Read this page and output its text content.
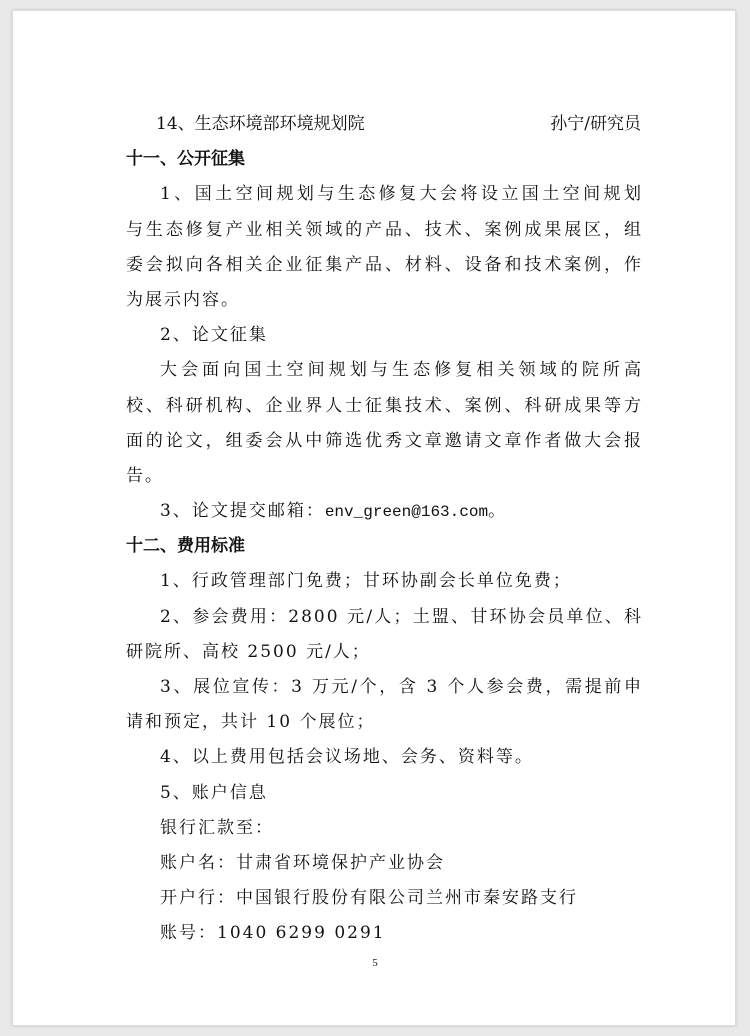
14、生态环境部环境规划院	孙宁/研究员
十一、公开征集
1、国土空间规划与生态修复大会将设立国土空间规划
与生态修复产业相关领域的产品、技术、案例成果展区，组
委会拟向各相关企业征集产品、材料、设备和技术案例，作
为展示内容。
2、论文征集
大会面向国土空间规划与生态修复相关领域的院所高
校、科研机构、企业界人士征集技术、案例、科研成果等方
面的论文，组委会从中筛选优秀文章邀请文章作者做大会报
告。
3、论文提交邮箱：env_green@163.com。
十二、费用标准
1、行政管理部门免费；甘环协副会长单位免费；
2、参会费用：2800 元/人；土盟、甘环协会员单位、科
研院所、高校 2500 元/人；
3、展位宣传：3 万元/个，含 3 个人参会费，需提前申
请和预定，共计 10 个展位；
4、以上费用包括会议场地、会务、资料等。
5、账户信息
银行汇款至：
账户名：甘肃省环境保护产业协会
开户行：中国银行股份有限公司兰州市秦安路支行
账号：1040 6299 0291
5
